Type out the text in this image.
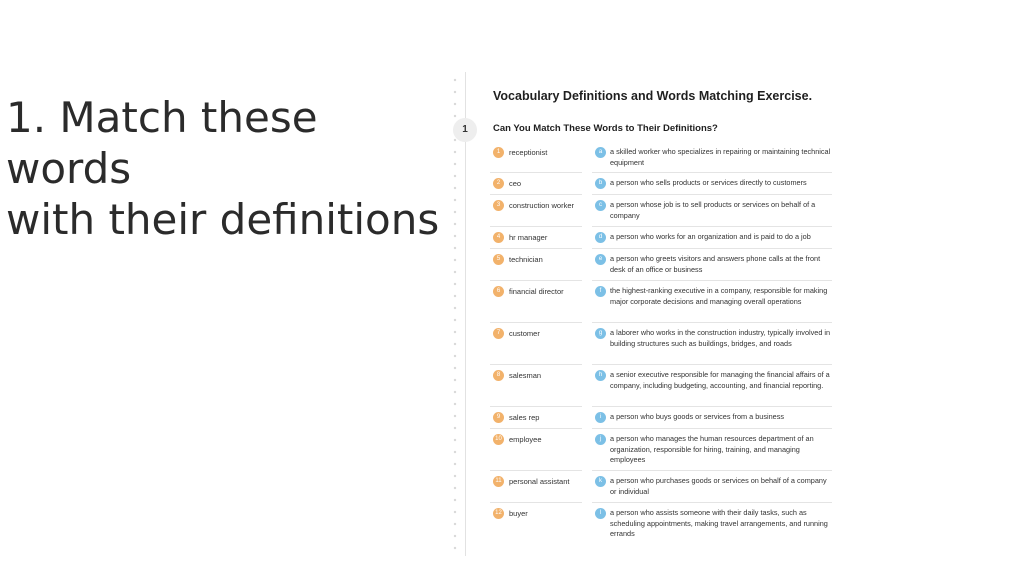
1. Match these words
with their definitions
Vocabulary Definitions and Words Matching Exercise.
1	Can You Match These Words to Their Definitions?
1	receptionist	a	a skilled worker who specializes in repairing or maintaining technical equipment
2	ceo	b	a person who sells products or services directly to customers
3	construction worker	c	a person whose job is to sell products or services on behalf of a company
4	hr manager	d	a person who works for an organization and is paid to do a job
5	technician	e	a person who greets visitors and answers phone calls at the front desk of an office or business
6	financial director	f	the highest-ranking executive in a company, responsible for making major corporate decisions and managing overall operations
7	customer	g	a laborer who works in the construction industry, typically involved in building structures such as buildings, bridges, and roads
8	salesman	h	a senior executive responsible for managing the financial affairs of a company, including budgeting, accounting, and financial reporting.
9	sales rep	i	a person who buys goods or services from a business
10 employee	j	a person who manages the human resources department of an organization, responsible for hiring, training, and managing employees
11 personal assistant	k	a person who purchases goods or services on behalf of a company or individual
12 buyer	l	a person who assists someone with their daily tasks, such as scheduling appointments, making travel arrangements, and running errands
